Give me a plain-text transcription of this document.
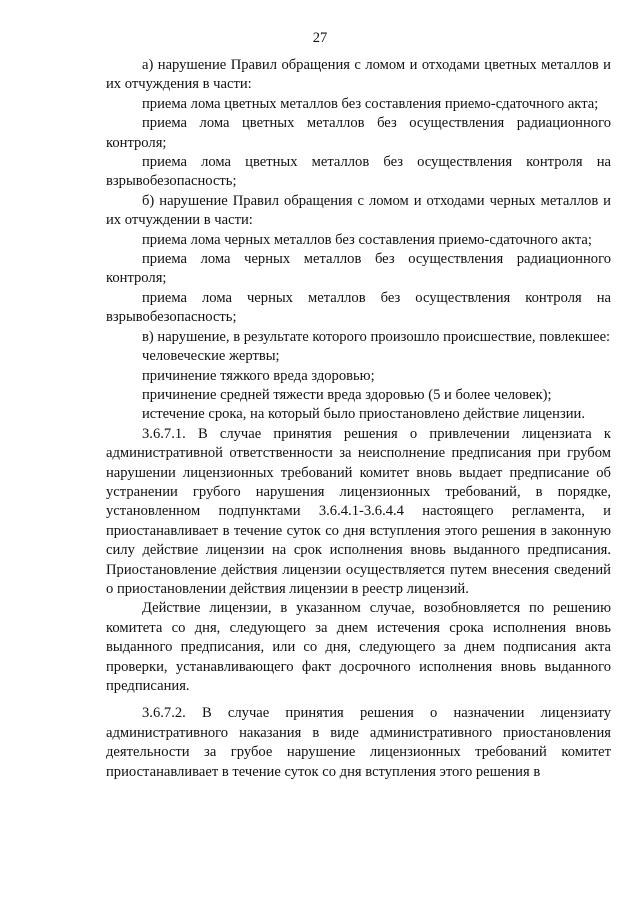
27

а) нарушение Правил обращения с ломом и отходами цветных металлов и их отчуждения в части:

приема лома цветных металлов без составления приемо-сдаточного акта;

приема лома цветных металлов без осуществления радиационного контроля;

приема лома цветных металлов без осуществления контроля на взрывобезопасность;

б) нарушение Правил обращения с ломом и отходами черных металлов и их отчуждении в части:

приема лома черных металлов без составления приемо-сдаточного акта;

приема лома черных металлов без осуществления радиационного контроля;

приема лома черных металлов без осуществления контроля на взрывобезопасность;

в) нарушение, в результате которого произошло происшествие, повлекшее:

человеческие жертвы;

причинение тяжкого вреда здоровью;

причинение средней тяжести вреда здоровью (5 и более человек);

истечение срока, на который было приостановлено действие лицензии.

3.6.7.1. В случае принятия решения о привлечении лицензиата к административной ответственности за неисполнение предписания при грубом нарушении лицензионных требований комитет вновь выдает предписание об устранении грубого нарушения лицензионных требований, в порядке, установленном подпунктами 3.6.4.1-3.6.4.4 настоящего регламента, и приостанавливает в течение суток со дня вступления этого решения в законную силу действие лицензии на срок исполнения вновь выданного предписания. Приостановление действия лицензии осуществляется путем внесения сведений о приостановлении действия лицензии в реестр лицензий.

Действие лицензии, в указанном случае, возобновляется по решению комитета со дня, следующего за днем истечения срока исполнения вновь выданного предписания, или со дня, следующего за днем подписания акта проверки, устанавливающего факт досрочного исполнения вновь выданного предписания.

3.6.7.2. В случае принятия решения о назначении лицензиату административного наказания в виде административного приостановления деятельности за грубое нарушение лицензионных требований комитет приостанавливает в течение суток со дня вступления этого решения в
